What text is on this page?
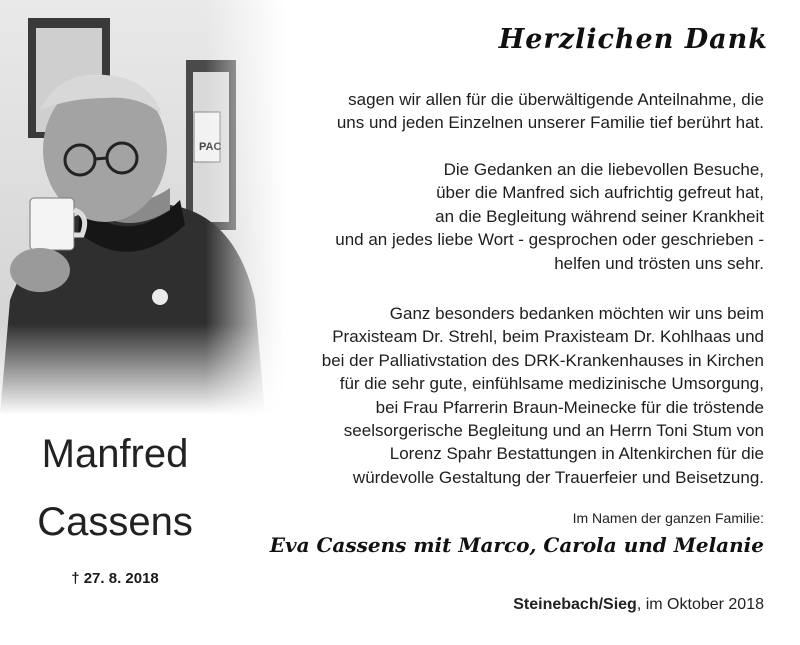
Herzlichen Dank
sagen wir allen für die überwältigende Anteilnahme, die
uns und jeden Einzelnen unserer Familie tief berührt hat.
Die Gedanken an die liebevollen Besuche,
über die Manfred sich aufrichtig gefreut hat,
an die Begleitung während seiner Krankheit
und an jedes liebe Wort - gesprochen oder geschrieben -
helfen und trösten uns sehr.
Ganz besonders bedanken möchten wir uns beim
Praxisteam Dr. Strehl, beim Praxisteam Dr. Kohlhaas und
bei der Palliativstation des DRK-Krankenhauses in Kirchen
für die sehr gute, einfühlsame medizinische Umsorgung,
bei Frau Pfarrerin Braun-Meinecke für die tröstende
seelsorgerische Begleitung und an Herrn Toni Stum von
Lorenz Spahr Bestattungen in Altenkirchen für die
würdevolle Gestaltung der Trauerfeier und Beisetzung.
Manfred
Cassens
† 27. 8. 2018
Im Namen der ganzen Familie:
Eva Cassens mit Marco, Carola und Melanie
Steinebach/Sieg, im Oktober 2018
